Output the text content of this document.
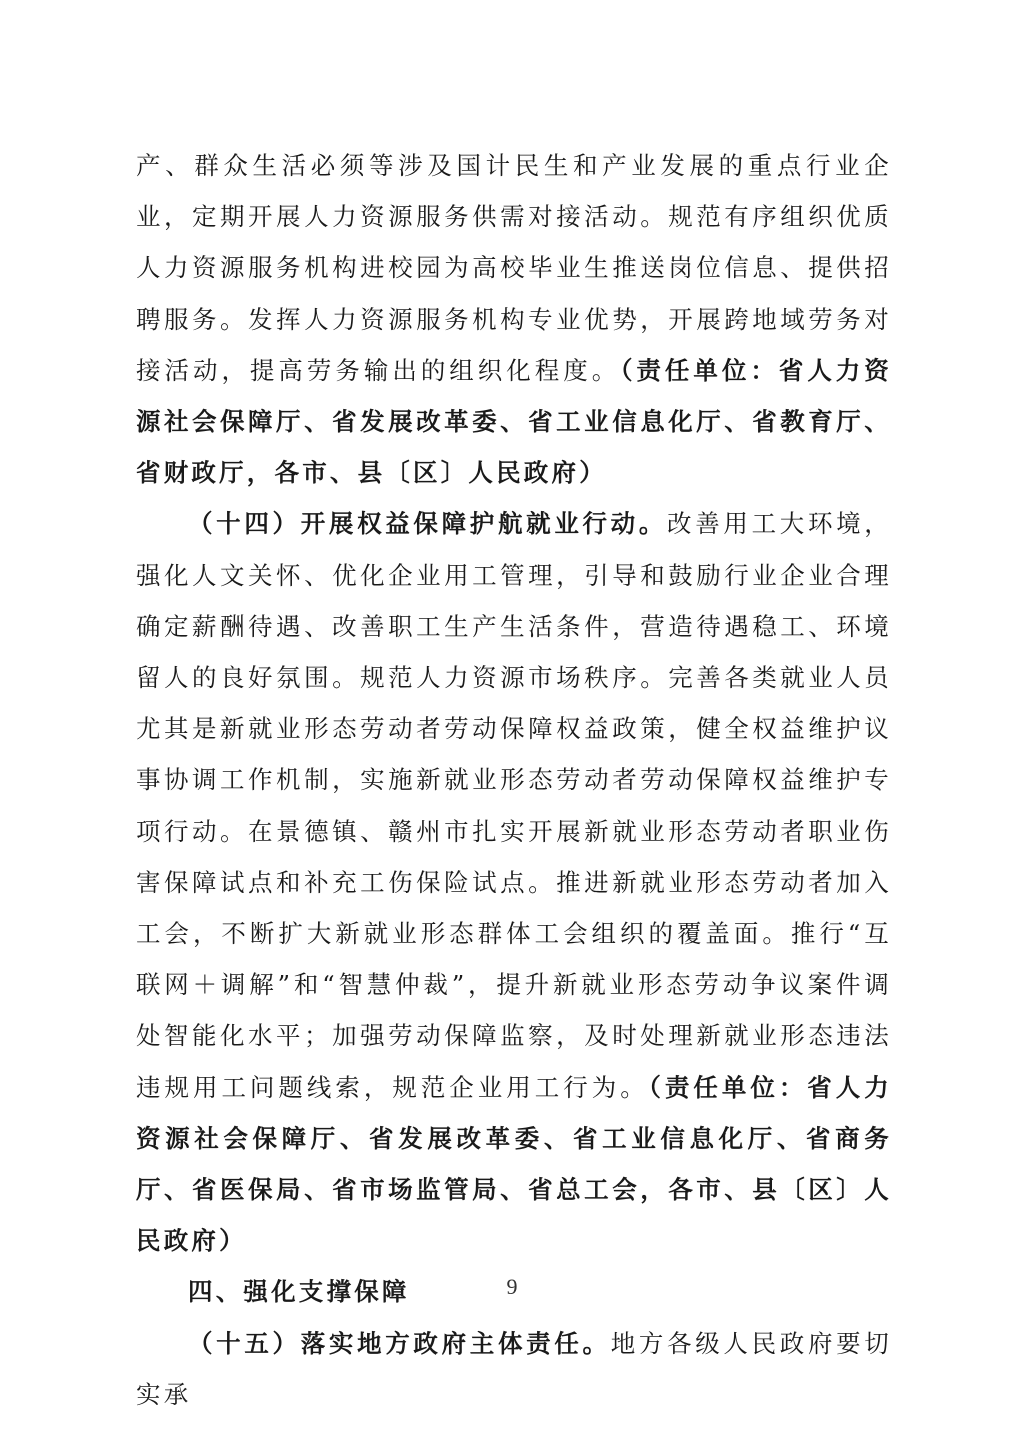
产、群众生活必须等涉及国计民生和产业发展的重点行业企业，定期开展人力资源服务供需对接活动。规范有序组织优质人力资源服务机构进校园为高校毕业生推送岗位信息、提供招聘服务。发挥人力资源服务机构专业优势，开展跨地域劳务对接活动，提高劳务输出的组织化程度。（责任单位：省人力资源社会保障厅、省发展改革委、省工业信息化厅、省教育厅、省财政厅，各市、县〔区〕人民政府）

（十四）开展权益保障护航就业行动。改善用工大环境，强化人文关怀、优化企业用工管理，引导和鼓励行业企业合理确定薪酬待遇、改善职工生产生活条件，营造待遇稳工、环境留人的良好氛围。规范人力资源市场秩序。完善各类就业人员尤其是新就业形态劳动者劳动保障权益政策，健全权益维护议事协调工作机制，实施新就业形态劳动者劳动保障权益维护专项行动。在景德镇、赣州市扎实开展新就业形态劳动者职业伤害保障试点和补充工伤保险试点。推进新就业形态劳动者加入工会，不断扩大新就业形态群体工会组织的覆盖面。推行“互联网＋调解”和“智慧仲裁”，提升新就业形态劳动争议案件调处智能化水平；加强劳动保障监察，及时处理新就业形态违法违规用工问题线索，规范企业用工行为。（责任单位：省人力资源社会保障厅、省发展改革委、省工业信息化厅、省商务厅、省医保局、省市场监管局、省总工会，各市、县〔区〕人民政府）

四、强化支撑保障

（十五）落实地方政府主体责任。地方各级人民政府要切实承

9
